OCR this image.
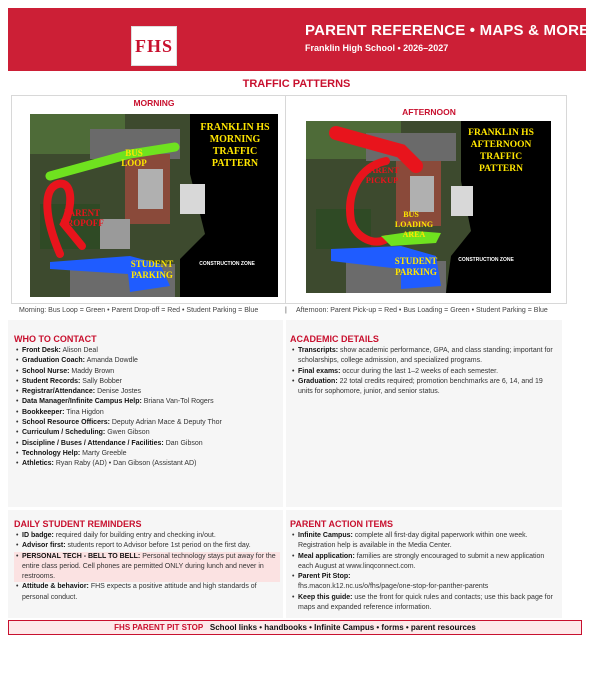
FHS
PARENT REFERENCE • MAPS & MORE
Franklin High School • 2026–2027
TRAFFIC PATTERNS
MORNING
AFTERNOON
FRANKLIN HS
MORNING
TRAFFIC
PATTERN
BUS
LOOP
PARENT
DROPOFF
STUDENT
PARKING
CONSTRUCTION ZONE
FRANKLIN HS
AFTERNOON
TRAFFIC
PATTERN
PARENT
PICKUP
BUS
LOADING
AREA
STUDENT
PARKING
CONSTRUCTION ZONE
Morning: Bus Loop = Green • Parent Drop-off = Red • Student Parking = Blue	| Afternoon: Parent Pick-up = Red • Bus Loading = Green • Student Parking = Blue
WHO TO CONTACT
• Front Desk: Alison Deal
• Graduation Coach: Amanda Dowdle
• School Nurse: Maddy Brown
• Student Records: Sally Bobber
• Registrar/Attendance: Denise Jostes
• Data Manager/Infinite Campus Help: Briana Van-Tol Rogers
• Bookkeeper: Tina Higdon
• School Resource Officers: Deputy Adrian Mace & Deputy Thor
• Curriculum / Scheduling: Gwen Gibson
• Discipline / Buses / Attendance / Facilities: Dan Gibson
• Technology Help: Marty Greeble
• Athletics: Ryan Raby (AD) • Dan Gibson (Assistant AD)
ACADEMIC DETAILS
• Transcripts: show academic performance, GPA, and class standing; important for scholarships, college admission, and specialized programs.
• Final exams: occur during the last 1–2 weeks of each semester.
• Graduation: 22 total credits required; promotion benchmarks are 6, 14, and 19 units for sophomore, junior, and senior status.
DAILY STUDENT REMINDERS
• ID badge: required daily for building entry and checking in/out.
• Advisor first: students report to Advisor before 1st period on the first day.
• PERSONAL TECH - BELL TO BELL: Personal technology stays put away for the entire class period. Cell phones are permitted ONLY during lunch and never in restrooms.
• Attitude & behavior: FHS expects a positive attitude and high standards of personal conduct.
PARENT ACTION ITEMS
• Infinite Campus: complete all first-day digital paperwork within one week. Registration help is available in the Media Center.
• Meal application: families are strongly encouraged to submit a new application each August at www.linqconnect.com.
• Parent Pit Stop:
fhs.macon.k12.nc.us/o/fhs/page/one-stop-for-panther-parents
• Keep this guide: use the front for quick rules and contacts; use this back page for maps and expanded reference information.
FHS PARENT PIT STOP School links • handbooks • Infinite Campus • forms • parent resources
